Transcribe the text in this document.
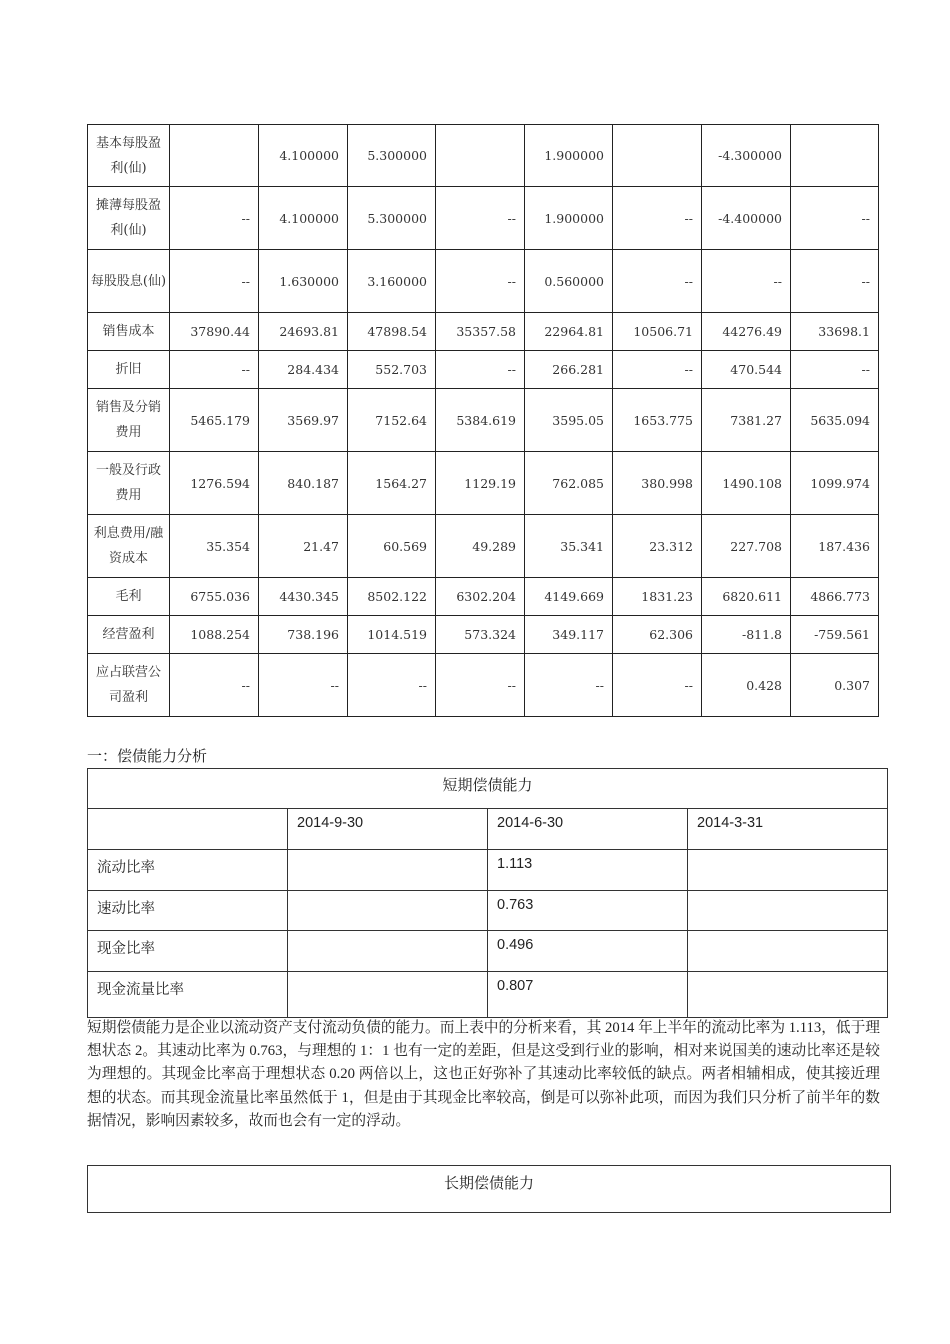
基本每股盈利(仙)		4.100000	5.300000		1.900000		-4.300000	
摊薄每股盈利(仙)	--	4.100000	5.300000	--	1.900000	--	-4.400000	--
每股股息(仙)	--	1.630000	3.160000	--	0.560000	--	--	--
销售成本	37890.44	24693.81	47898.54	35357.58	22964.81	10506.71	44276.49	33698.1
折旧	--	284.434	552.703	--	266.281	--	470.544	--
销售及分销费用	5465.179	3569.97	7152.64	5384.619	3595.05	1653.775	7381.27	5635.094
一般及行政费用	1276.594	840.187	1564.27	1129.19	762.085	380.998	1490.108	1099.974
利息费用/融资成本	35.354	21.47	60.569	49.289	35.341	23.312	227.708	187.436
毛利	6755.036	4430.345	8502.122	6302.204	4149.669	1831.23	6820.611	4866.773
经营盈利	1088.254	738.196	1014.519	573.324	349.117	62.306	-811.8	-759.561
应占联营公司盈利	--	--	--	--	--	--	0.428	0.307
一：偿债能力分析
短期偿债能力			
	2014-9-30	2014-6-30	2014-3-31
流动比率		1.113	
速动比率		0.763	
现金比率		0.496	
现金流量比率		0.807	

短期偿债能力是企业以流动资产支付流动负债的能力。而上表中的分析来看，其 2014 年上半年的流动比率为 1.113，低于理想状态 2。其速动比率为 0.763，与理想的 1：1 也有一定的差距，但是这受到行业的影响，相对来说国美的速动比率还是较为理想的。其现金比率高于理想状态 0.20 两倍以上，这也正好弥补了其速动比率较低的缺点。两者相辅相成，使其接近理想的状态。而其现金流量比率虽然低于 1，但是由于其现金比率较高，倒是可以弥补此项，而因为我们只分析了前半年的数据情况，影响因素较多，故而也会有一定的浮动。

长期偿债能力
